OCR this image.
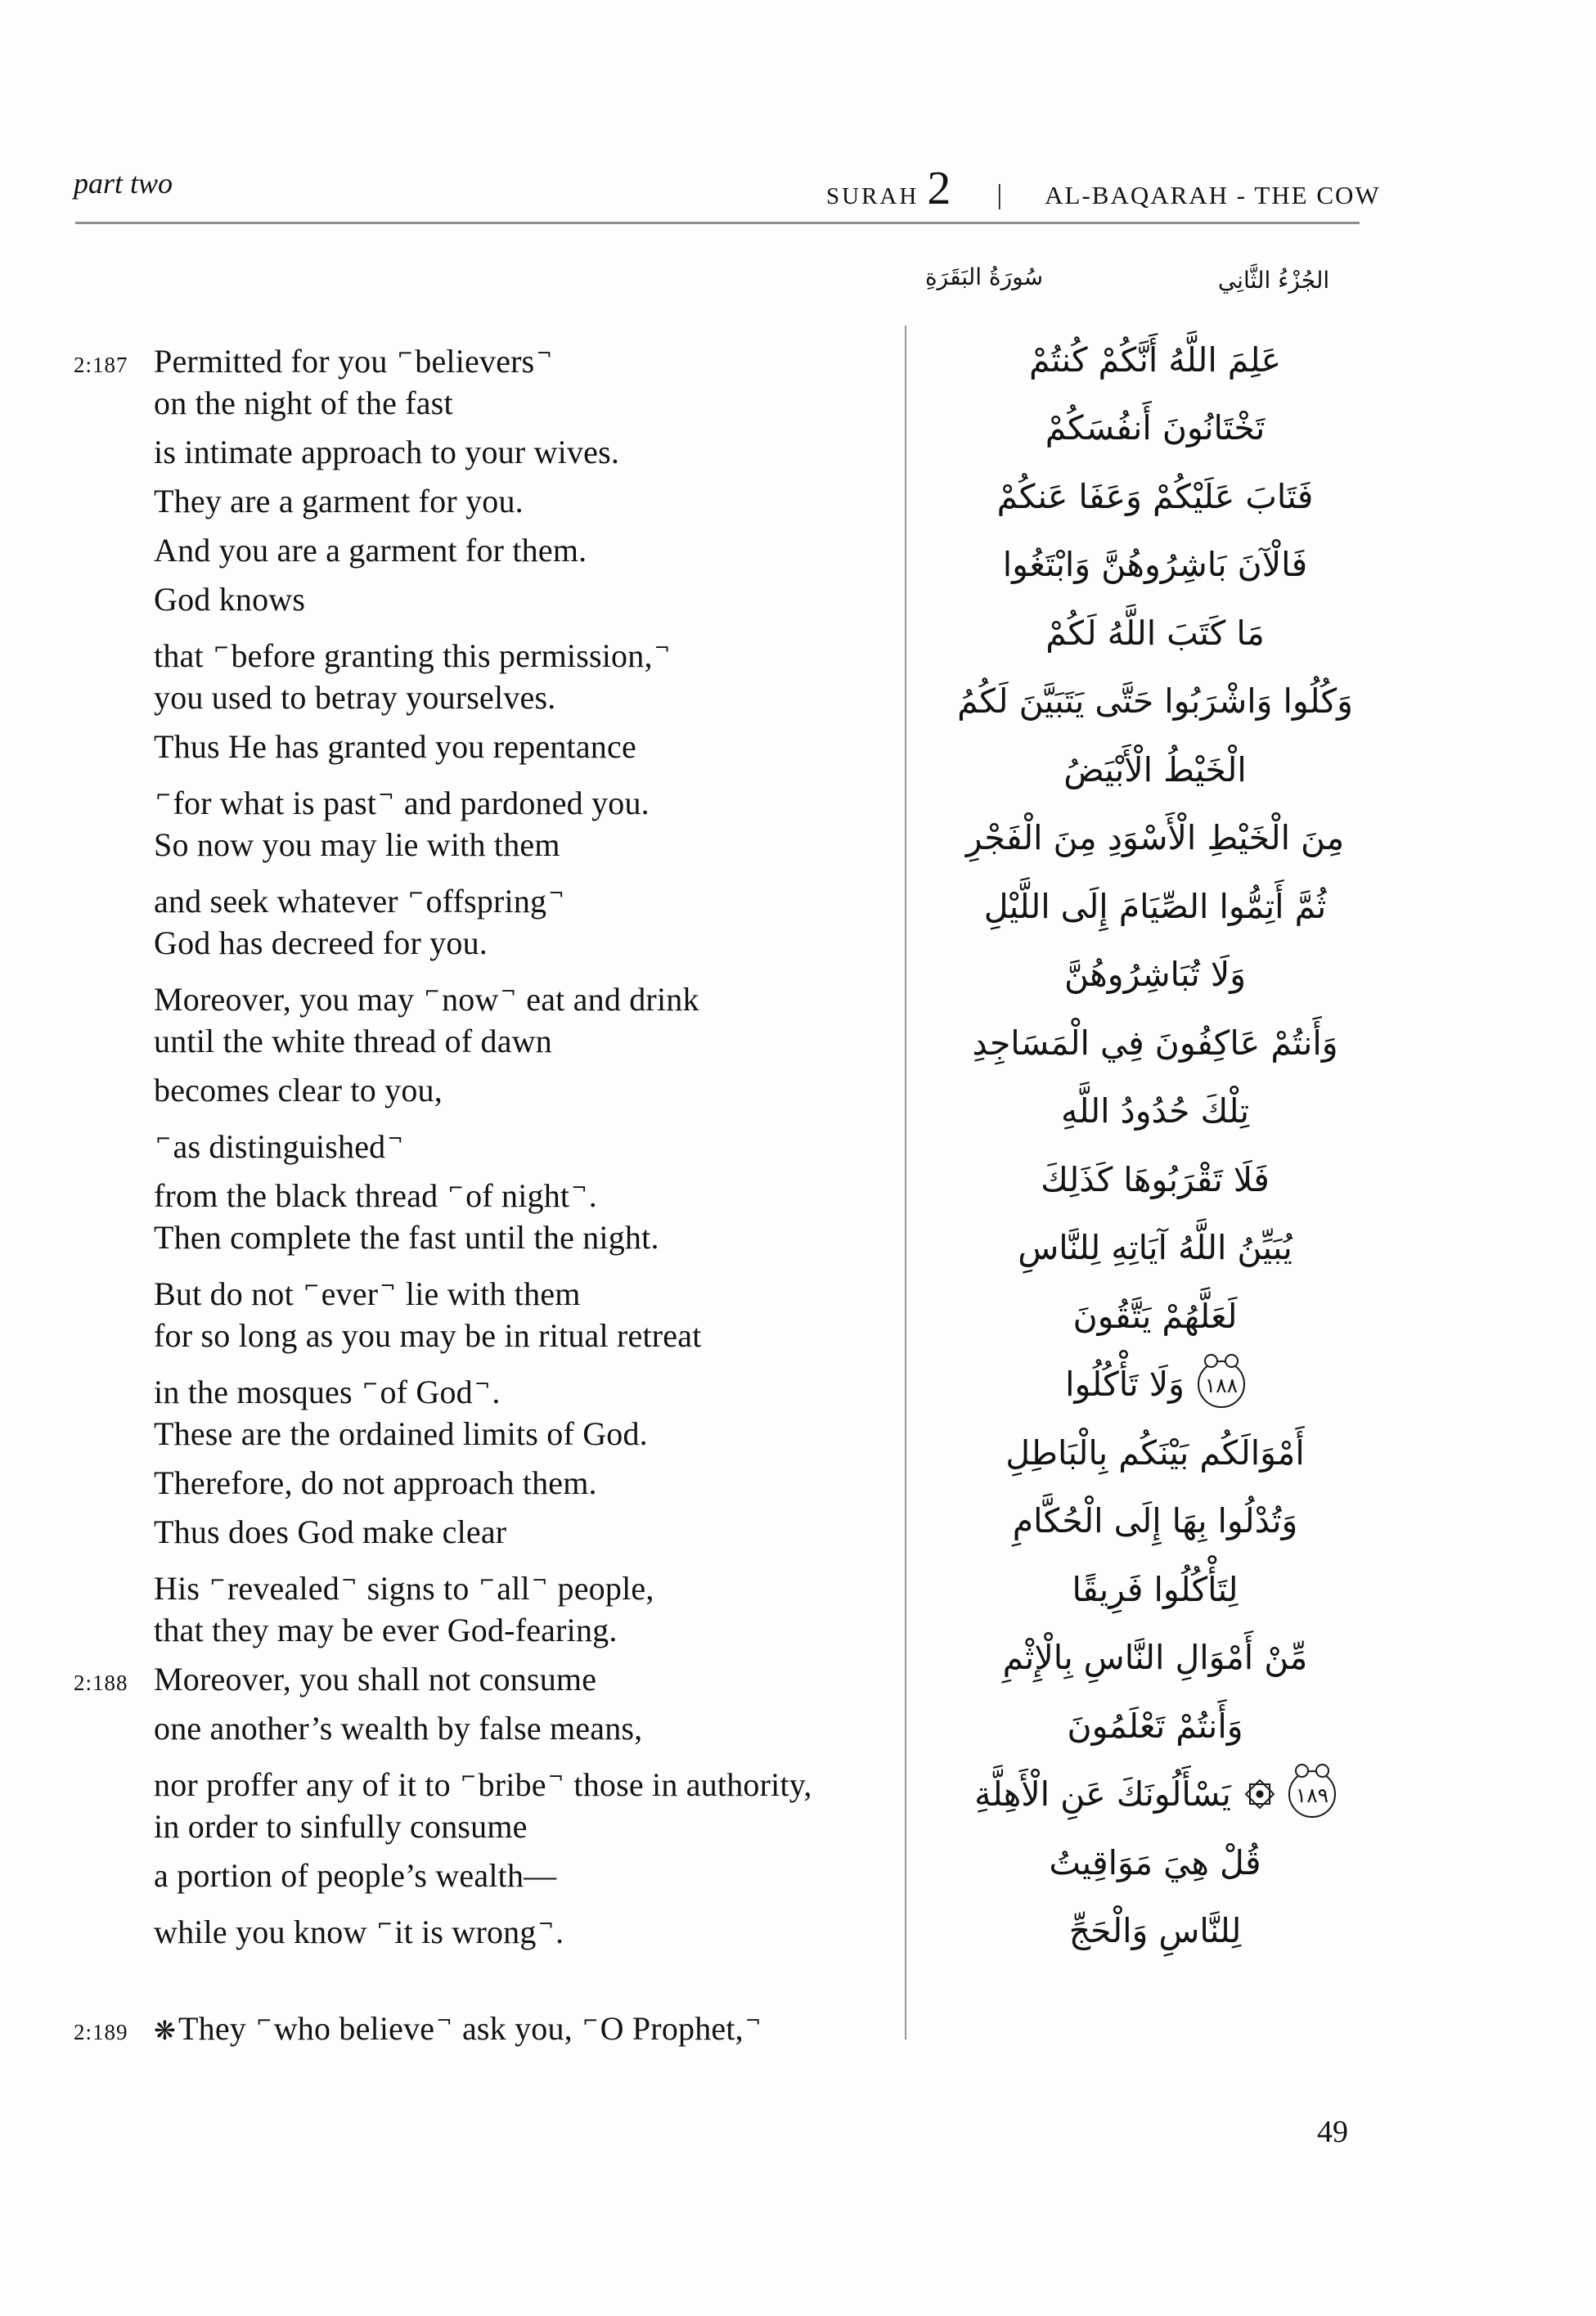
part two	SURAH 2 | AL-BAQARAH - THE COW
سُورَةُ البَقَرَةِ	الجُزْءُ الثَّانِي
2:187 Permitted for you ⌐believers¬
on the night of the fast
is intimate approach to your wives.
They are a garment for you.
And you are a garment for them.
God knows
that ⌐before granting this permission,¬
you used to betray yourselves.
Thus He has granted you repentance
⌐for what is past¬ and pardoned you.
So now you may lie with them
and seek whatever ⌐offspring¬
God has decreed for you.
Moreover, you may ⌐now¬ eat and drink
until the white thread of dawn
becomes clear to you,
⌐as distinguished¬
from the black thread ⌐of night¬.
Then complete the fast until the night.
But do not ⌐ever¬ lie with them
for so long as you may be in ritual retreat
in the mosques ⌐of God¬.
These are the ordained limits of God.
Therefore, do not approach them.
Thus does God make clear
His ⌐revealed¬ signs to ⌐all¬ people,
that they may be ever God-fearing.
2:188 Moreover, you shall not consume
one another’s wealth by false means,
nor proffer any of it to ⌐bribe¬ those in authority,
in order to sinfully consume
a portion of people’s wealth—
while you know ⌐it is wrong¬.
2:189 ❋They ⌐who believe¬ ask you, ⌐O Prophet,¬
عَلِمَ اللَّهُ أَنَّكُمْ كُنتُمْ
تَخْتَانُونَ أَنفُسَكُمْ
فَتَابَ عَلَيْكُمْ وَعَفَا عَنكُمْ
فَالْآنَ بَاشِرُوهُنَّ وَابْتَغُوا
مَا كَتَبَ اللَّهُ لَكُمْ
وَكُلُوا وَاشْرَبُوا حَتَّى يَتَبَيَّنَ لَكُمُ
الْخَيْطُ الْأَبْيَضُ
مِنَ الْخَيْطِ الْأَسْوَدِ مِنَ الْفَجْرِ
ثُمَّ أَتِمُّوا الصِّيَامَ إِلَى اللَّيْلِ
وَلَا تُبَاشِرُوهُنَّ
وَأَنتُمْ عَاكِفُونَ فِي الْمَسَاجِدِ
تِلْكَ حُدُودُ اللَّهِ
فَلَا تَقْرَبُوهَا كَذَلِكَ
يُبَيِّنُ اللَّهُ آيَاتِهِ لِلنَّاسِ
لَعَلَّهُمْ يَتَّقُونَ
١٨٨
وَلَا تَأْكُلُوا
أَمْوَالَكُم بَيْنَكُم بِالْبَاطِلِ
وَتُدْلُوا بِهَا إِلَى الْحُكَّامِ
لِتَأْكُلُوا فَرِيقًا
مِّنْ أَمْوَالِ النَّاسِ بِالْإِثْمِ
وَأَنتُمْ تَعْلَمُونَ
١٨٩
يَسْأَلُونَكَ عَنِ الْأَهِلَّةِ
قُلْ هِيَ مَوَاقِيتُ
لِلنَّاسِ وَالْحَجِّ
49
